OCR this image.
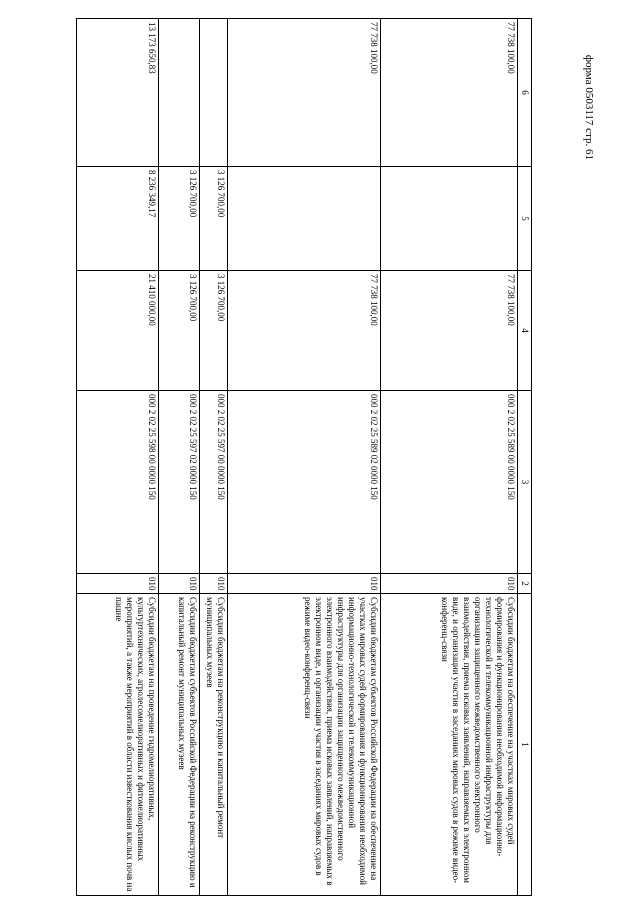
форма 0503117 стр. 61
1	2	3	4	5	6
Субсидии бюджетам на обеспечение на участках мировых судей формирования и функционирования необходимой информационно-технологической и телекоммуникационной инфраструктуры для организации защищенного межведомственного электронного взаимодействия, приема исковых заявлений, направляемых в электронном виде, и организации участия в заседаниях мировых судов в режиме видео-конференц-связи	010	000 2 02 25 589 00 0000 150	77 738 100,00		77 738 100,00
Субсидии бюджетам субъектов Российской Федерации на обеспечение на участках мировых судей формирования и функционирования необходимой информационно-технологической и телекоммуникационной инфраструктуры для организации защищенного межведомственного электронного взаимодействия, приема исковых заявлений, направляемых в электронном виде, и организации участия в заседаниях мировых судов в режиме видео-конференц-связи	010	000 2 02 25 589 02 0000 150	77 738 100,00		77 738 100,00
Субсидии бюджетам на реконструкцию и капитальный ремонт муниципальных музеев	010	000 2 02 25 597 00 0000 150	3 126 700,00	3 126 700,00	
Субсидии бюджетам субъектов Российской Федерации на реконструкцию и капитальный ремонт муниципальных музеев	010	000 2 02 25 597 02 0000 150	3 126 700,00	3 126 700,00	
Субсидии бюджетам на проведение гидромелиоративных, культуртехнических, агролесомелиоративных и фитомелиоративных мероприятий, а также мероприятий в области известкования кислых почв на пашне	010	000 2 02 25 598 00 0000 150	21 410 000,00	8 236 349,17	13 173 650,83
